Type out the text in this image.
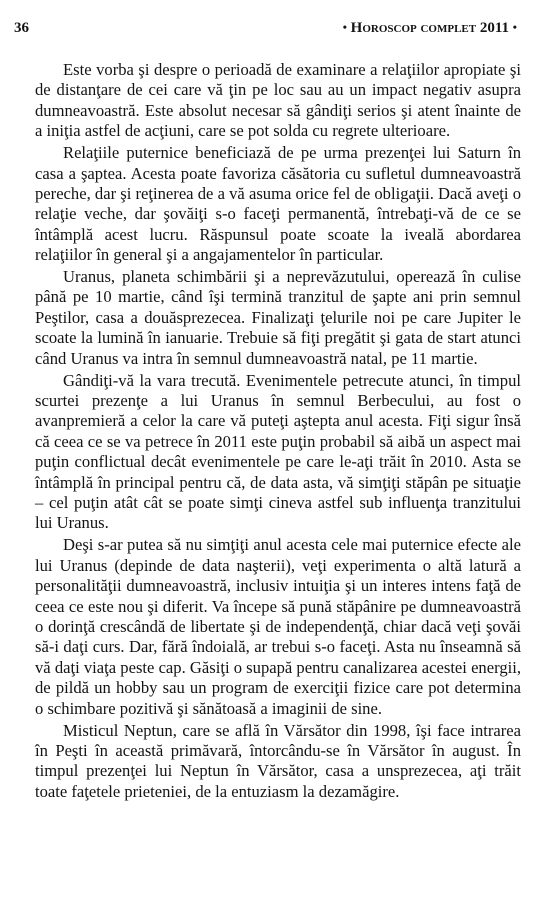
36	• Horoscop complet 2011 •

Este vorba şi despre o perioadă de examinare a relaţiilor apropiate şi de distanţare de cei care vă ţin pe loc sau au un impact negativ asupra dumneavoastră. Este absolut necesar să gândiţi serios şi atent înainte de a iniţia astfel de acţiuni, care se pot solda cu regrete ulterioare.

Relaţiile puternice beneficiază de pe urma prezenţei lui Saturn în casa a şaptea. Acesta poate favoriza căsătoria cu sufletul dumneavoastră pereche, dar şi reţinerea de a vă asuma orice fel de obligaţii. Dacă aveţi o relaţie veche, dar şovăiţi s-o faceţi permanentă, întrebaţi-vă de ce se întâmplă acest lucru. Răspunsul poate scoate la iveală abordarea relaţiilor în general şi a angajamentelor în particular.

Uranus, planeta schimbării şi a neprevăzutului, operează în culise până pe 10 martie, când îşi termină tranzitul de şapte ani prin semnul Peştilor, casa a douăsprezecea. Finalizaţi ţelurile noi pe care Jupiter le scoate la lumină în ianuarie. Trebuie să fiţi pregătit şi gata de start atunci când Uranus va intra în semnul dumneavoastră natal, pe 11 martie.

Gândiţi-vă la vara trecută. Evenimentele petrecute atunci, în timpul scurtei prezenţe a lui Uranus în semnul Berbecului, au fost o avanpremieră a celor la care vă puteţi aştepta anul acesta. Fiţi sigur însă că ceea ce se va petrece în 2011 este puţin probabil să aibă un aspect mai puţin conflictual decât evenimentele pe care le-aţi trăit în 2010. Asta se întâmplă în principal pentru că, de data asta, vă simţiţi stăpân pe situaţie – cel puţin atât cât se poate simţi cineva astfel sub influenţa tranzitului lui Uranus.

Deşi s-ar putea să nu simţiţi anul acesta cele mai puternice efecte ale lui Uranus (depinde de data naşterii), veţi experimenta o altă latură a personalităţii dumneavoastră, inclusiv intuiţia şi un interes intens faţă de ceea ce este nou şi diferit. Va începe să pună stăpânire pe dumneavoastră o dorinţă crescândă de libertate şi de independenţă, chiar dacă veţi şovăi să-i daţi curs. Dar, fără îndoială, ar trebui s-o faceţi. Asta nu înseamnă să vă daţi viaţa peste cap. Găsiţi o supapă pentru canalizarea acestei energii, de pildă un hobby sau un program de exerciţii fizice care pot determina o schimbare pozitivă şi sănătoasă a imaginii de sine.

Misticul Neptun, care se află în Vărsător din 1998, îşi face intrarea în Peşti în această primăvară, întorcându-se în Vărsător în august. În timpul prezenţei lui Neptun în Vărsător, casa a unsprezecea, aţi trăit toate faţetele prieteniei, de la entuziasm la dezamăgire.
